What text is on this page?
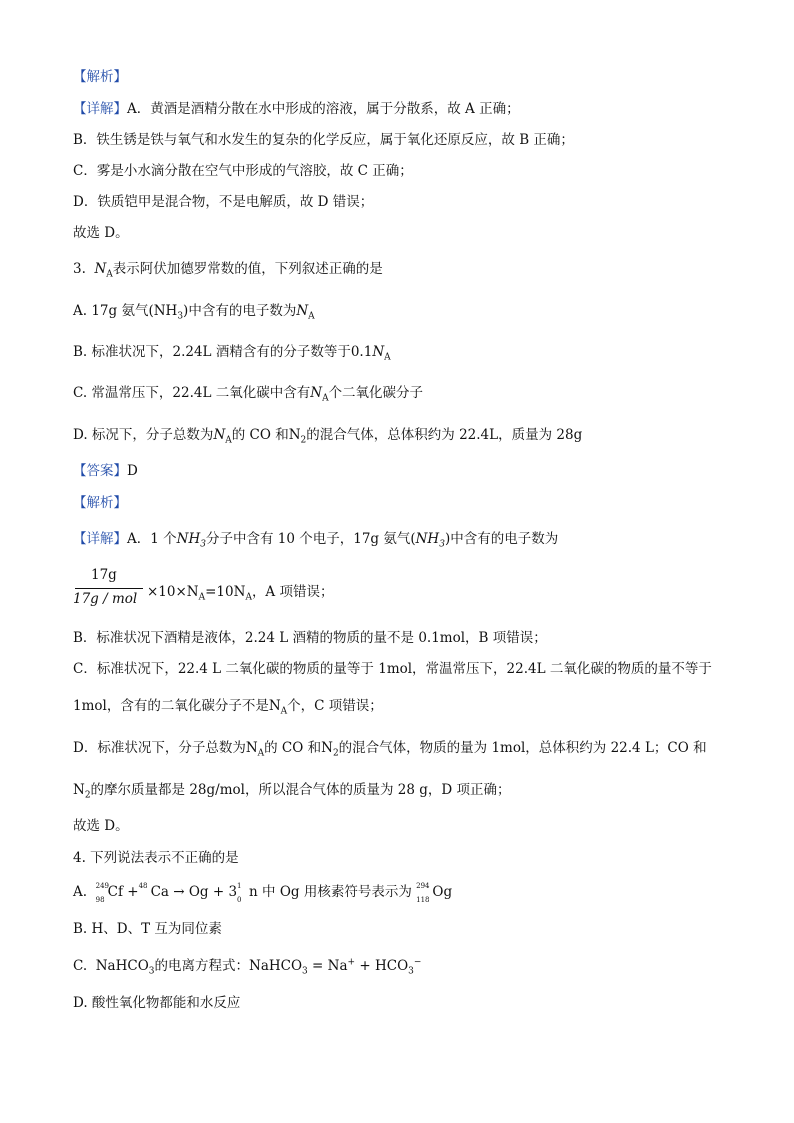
【解析】
【详解】A．黄酒是酒精分散在水中形成的溶液，属于分散系，故 A 正确；
B．铁生锈是铁与氧气和水发生的复杂的化学反应，属于氧化还原反应，故 B 正确；
C．雾是小水滴分散在空气中形成的气溶胶，故 C 正确；
D．铁质铠甲是混合物，不是电解质，故 D 错误；
故选 D。
3. $N_A$表示阿伏加德罗常数的值，下列叙述正确的是
A. 17g 氨气$(NH_3)$中含有的电子数为$N_A$
B. 标准状况下，2.24L 酒精含有的分子数等于$0.1N_A$
C. 常温常压下，22.4L 二氧化碳中含有$N_A$个二氧化碳分子
D. 标况下，分子总数为$N_A$的 CO 和$N_2$的混合气体，总体积约为 22.4L，质量为 28g
【答案】D
【解析】
【详解】A．1 个$NH_3$分子中含有 10 个电子，17g 氨气$(NH_3)$中含有的电子数为
17g
17g / mol $\times 10\times N_A=10N_A$，A 项错误；
B．标准状况下酒精是液体，2.24 L 酒精的物质的量不是 0.1mol，B 项错误；
C．标准状况下，22.4 L 二氧化碳的物质的量等于 1mol，常温常压下，22.4L 二氧化碳的物质的量不等于
1mol，含有的二氧化碳分子不是$N_A$个，C 项错误；
D．标准状况下，分子总数为$N_A$的 CO 和$N_2$的混合气体，物质的量为 1mol，总体积约为 22.4 L；CO 和
$N_2$的摩尔质量都是 28g/mol，所以混合气体的质量为 28 g，D 项正确；
故选 D。
4. 下列说法表示不正确的是
A. 249
98 Cf + 48 Ca → Og + 3 1
0 n 中 Og 用核素符号表示为 294
118
Og
B. H、D、T 互为同位素
C. NaHCO$_3$的电离方程式：NaHCO$_3$ = $Na^+ + HCO_3^-$
D. 酸性氧化物都能和水反应
